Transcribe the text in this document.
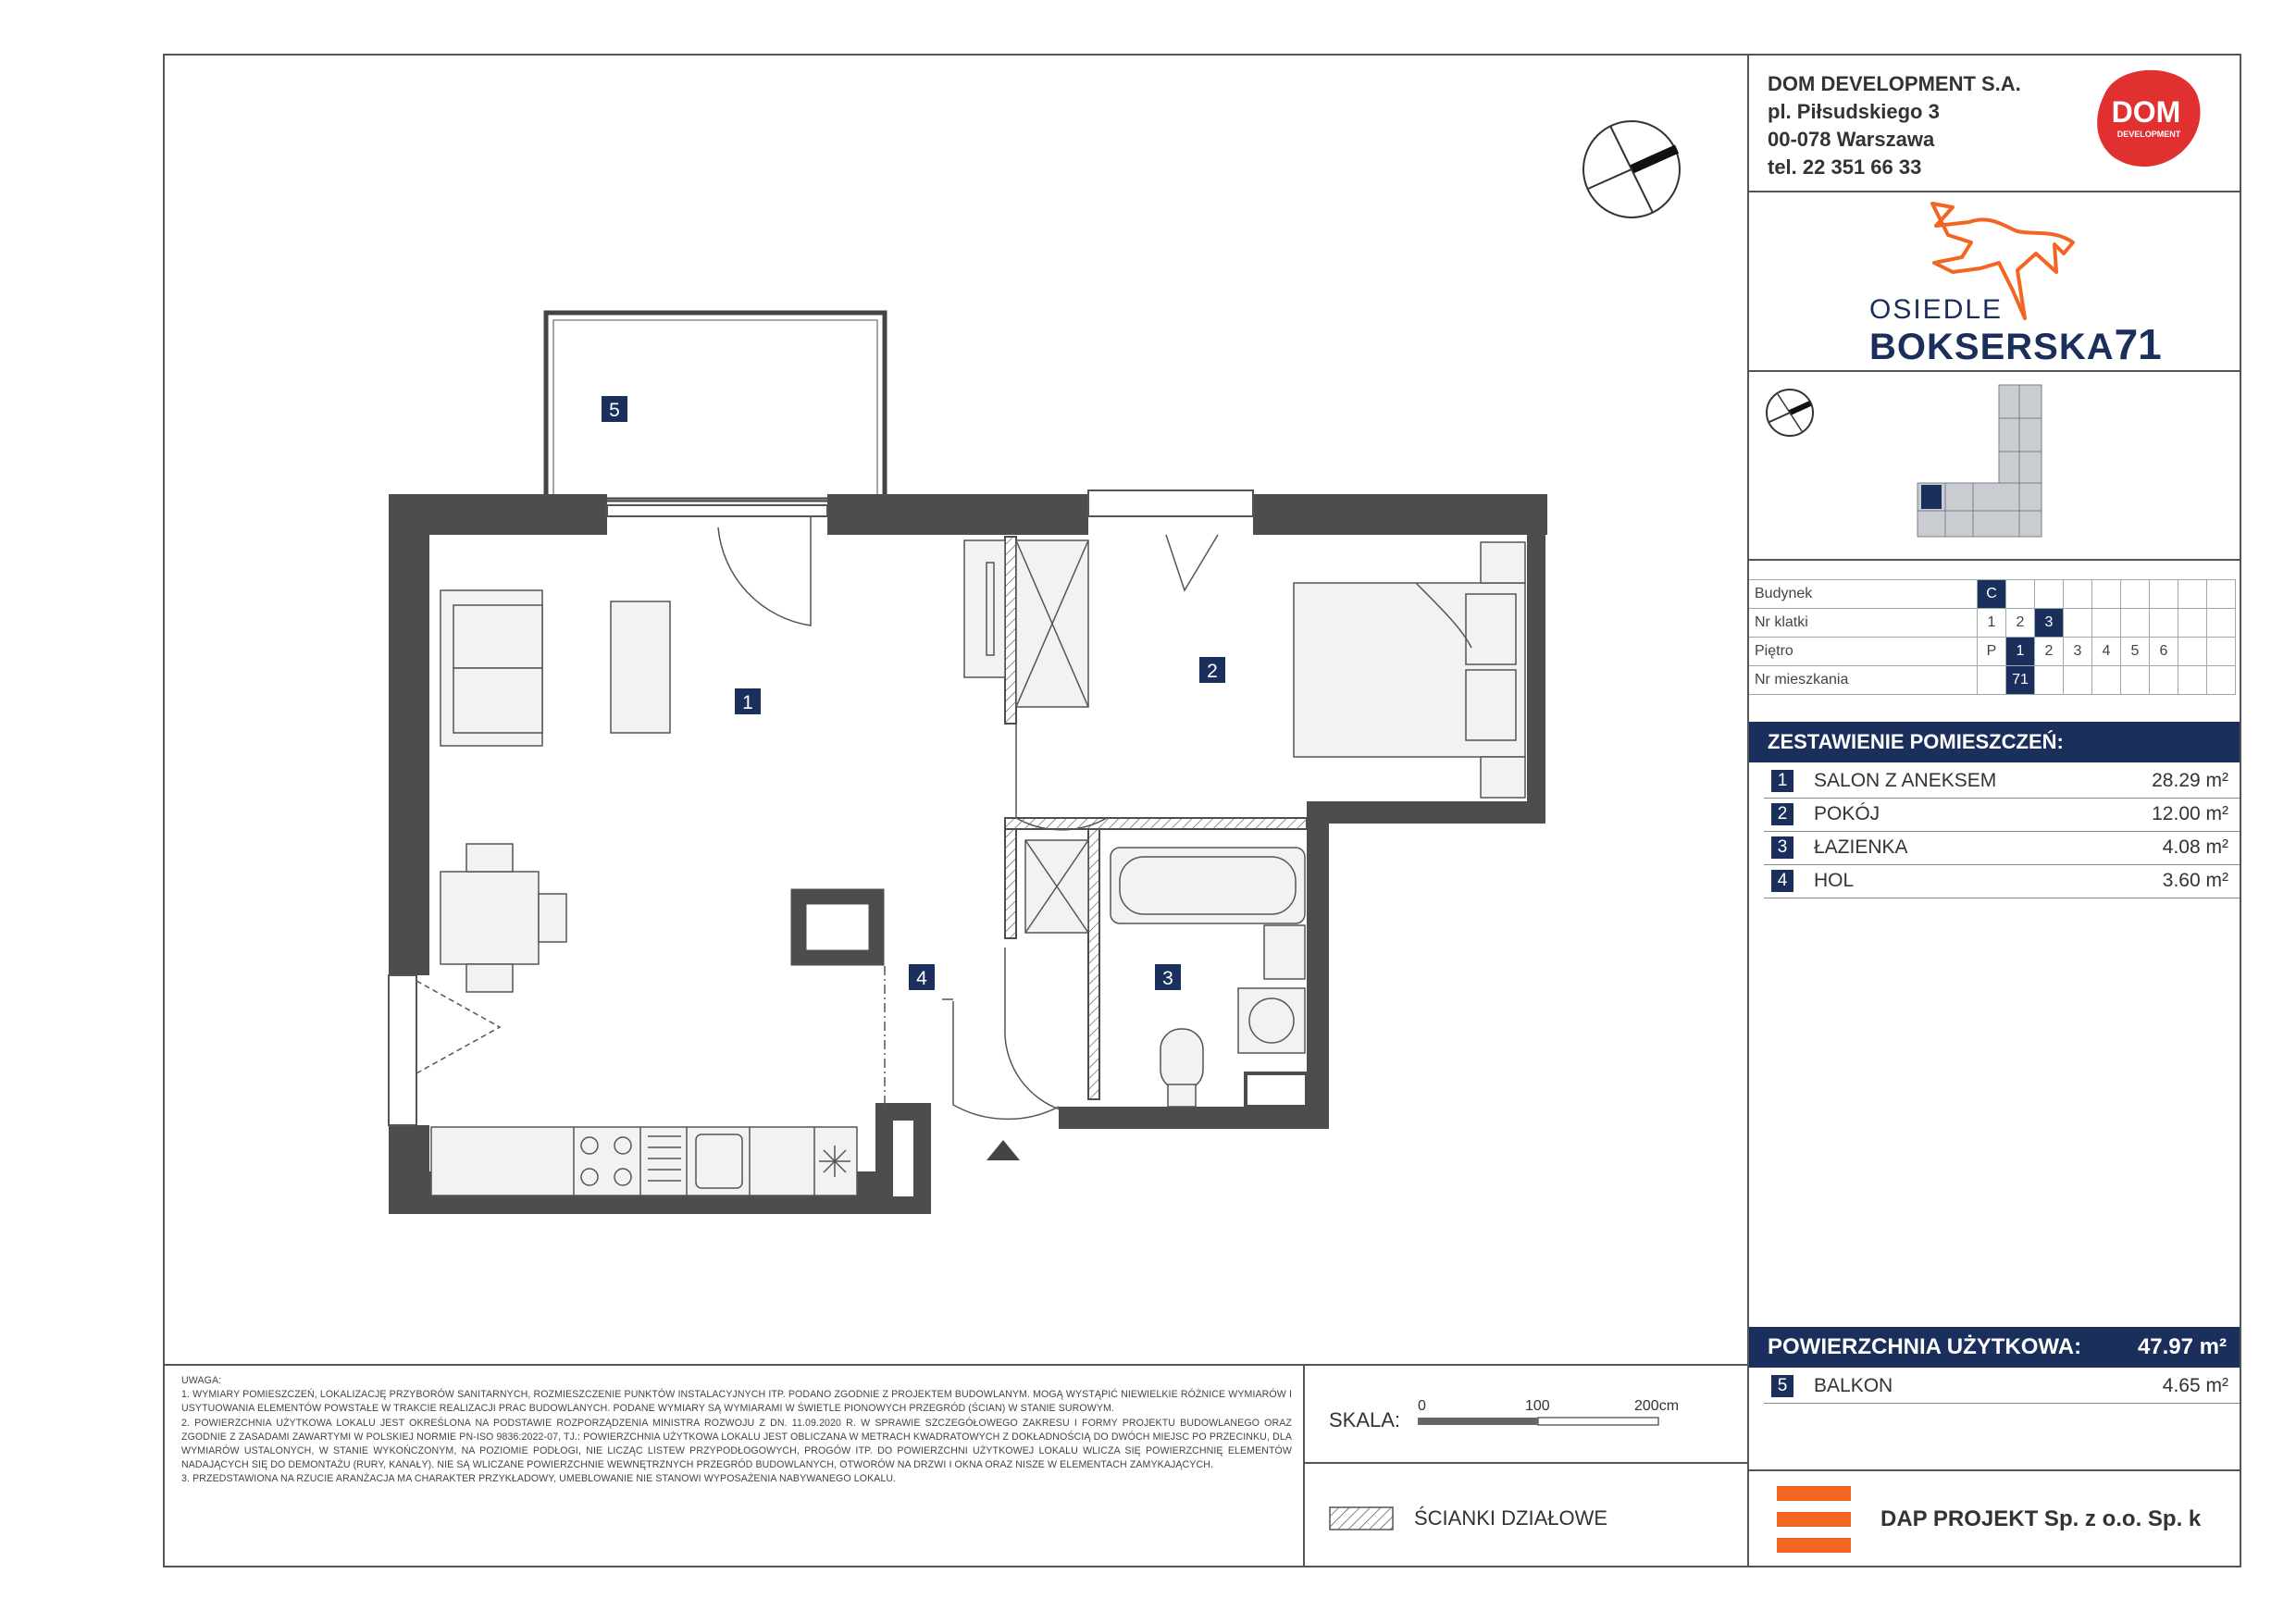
DOM DEVELOPMENT S.A.
pl. Piłsudskiego 3
00-078 Warszawa
tel. 22 351 66 33
DOM
DEVELOPMENT
OSIEDLE
BOKSERSKA71
Budynek	C								
Nr klatki	1	2	3						
Piętro	P	1	2	3	4	5	6		
Nr mieszkania		71							
ZESTAWIENIE POMIESZCZEŃ:
1	SALON Z ANEKSEM	28.29 m²
2	POKÓJ	12.00 m²
3	ŁAZIENKA	4.08 m²
4	HOL	3.60 m²
POWIERZCHNIA UŻYTKOWA:	47.97 m²
5	BALKON	4.65 m²
DAP PROJEKT Sp. z o.o. Sp. k

UWAGA:

1. WYMIARY POMIESZCZEŃ, LOKALIZACJĘ PRZYBORÓW SANITARNYCH, ROZMIESZCZENIE PUNKTÓW INSTALACYJNYCH ITP. PODANO ZGODNIE Z PROJEKTEM BUDOWLANYM. MOGĄ WYSTĄPIĆ NIEWIELKIE RÓŻNICE WYMIARÓW I USYTUOWANIA ELEMENTÓW POWSTAŁE W TRAKCIE REALIZACJI PRAC BUDOWLANYCH. PODANE WYMIARY SĄ WYMIARAMI W ŚWIETLE PIONOWYCH PRZEGRÓD (ŚCIAN) W STANIE SUROWYM.

2. POWIERZCHNIA UŻYTKOWA LOKALU JEST OKREŚLONA NA PODSTAWIE ROZPORZĄDZENIA MINISTRA ROZWOJU Z DN. 11.09.2020 R. W SPRAWIE SZCZEGÓŁOWEGO ZAKRESU I FORMY PROJEKTU BUDOWLANEGO ORAZ ZGODNIE Z ZASADAMI ZAWARTYMI W POLSKIEJ NORMIE PN-ISO 9836:2022-07, TJ.: POWIERZCHNIA UŻYTKOWA LOKALU JEST OBLICZANA W METRACH KWADRATOWYCH Z DOKŁADNOŚCIĄ DO DWÓCH MIEJSC PO PRZECINKU, DLA WYMIARÓW USTALONYCH, W STANIE WYKOŃCZONYM, NA POZIOMIE PODŁOGI, NIE LICZĄC LISTEW PRZYPODŁOGOWYCH, PROGÓW ITP. DO POWIERZCHNI UŻYTKOWEJ LOKALU WLICZA SIĘ POWIERZCHNIĘ ELEMENTÓW NADAJĄCYCH SIĘ DO DEMONTAŻU (RURY, KANAŁY). NIE SĄ WLICZANE POWIERZCHNIE WEWNĘTRZNYCH PRZEGRÓD BUDOWLANYCH, OTWORÓW NA DRZWI I OKNA ORAZ NISZE W ELEMENTACH ZAMYKAJĄCYCH.

3. PRZEDSTAWIONA NA RZUCIE ARANŻACJA MA CHARAKTER PRZYKŁADOWY, UMEBLOWANIE NIE STANOWI WYPOSAŻENIA NABYWANEGO LOKALU.

SKALA:
0	100	200cm
ŚCIANKI DZIAŁOWE
1
2
3
4
5
